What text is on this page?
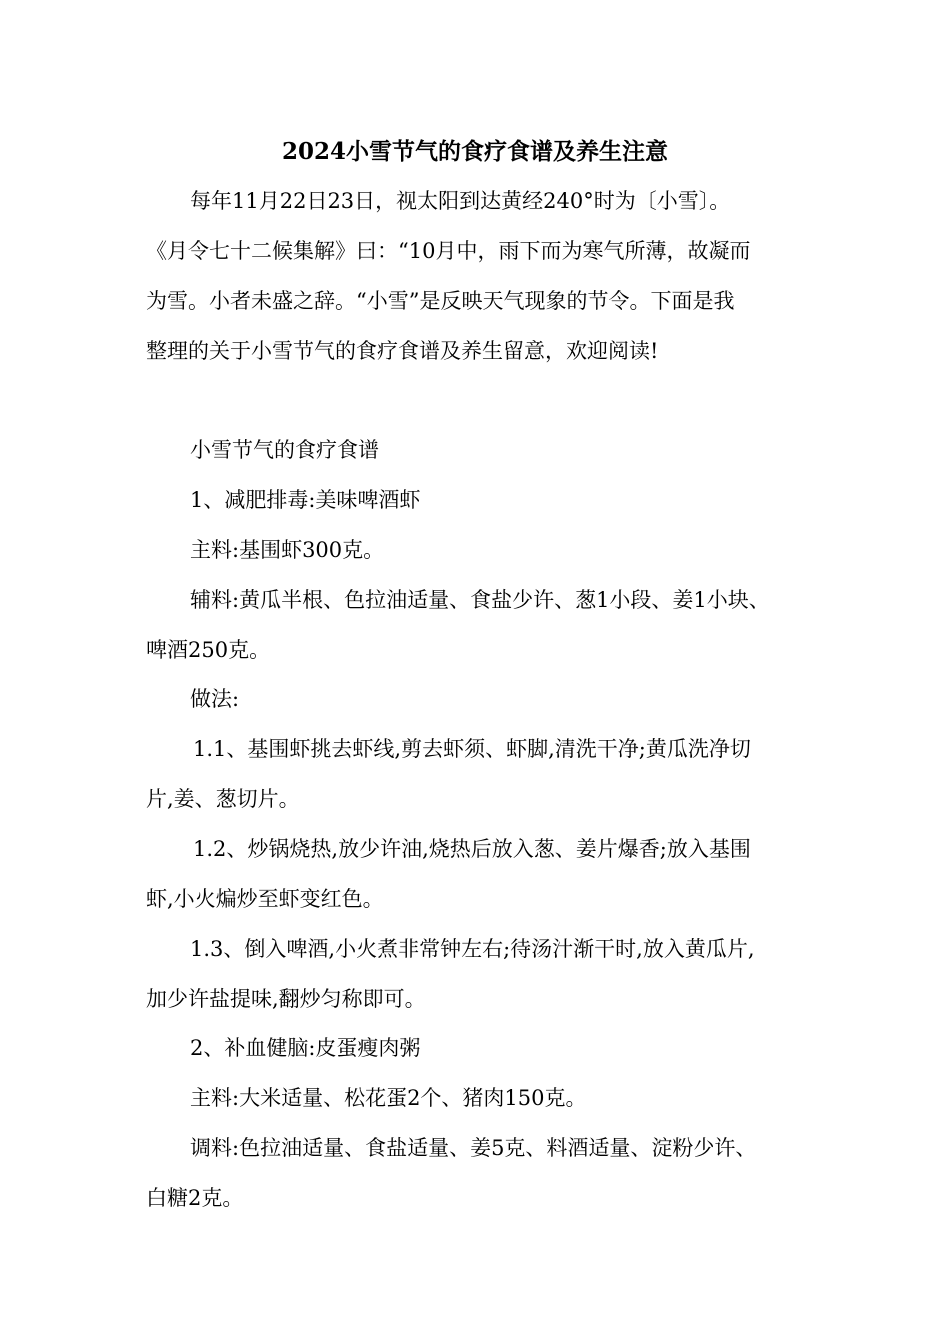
2024小雪节气的食疗食谱及养生注意
每年11月22日23日，视太阳到达黄经240°时为〔小雪〕。
《月令七十二候集解》曰：“10月中，雨下而为寒气所薄，故凝而
为雪。小者未盛之辞。“小雪”是反映天气现象的节令。下面是我
整理的关于小雪节气的食疗食谱及养生留意，欢迎阅读!
小雪节气的食疗食谱
1、减肥排毒:美味啤酒虾
主料:基围虾300克。
辅料:黄瓜半根、色拉油适量、食盐少许、葱1小段、姜1小块、
啤酒250克。
做法:
1.1、基围虾挑去虾线,剪去虾须、虾脚,清洗干净;黄瓜洗净切
片,姜、葱切片。
1.2、炒锅烧热,放少许油,烧热后放入葱、姜片爆香;放入基围
虾,小火煸炒至虾变红色。
1.3、倒入啤酒,小火煮非常钟左右;待汤汁渐干时,放入黄瓜片,
加少许盐提味,翻炒匀称即可。
2、补血健脑:皮蛋瘦肉粥
主料:大米适量、松花蛋2个、猪肉150克。
调料:色拉油适量、食盐适量、姜5克、料酒适量、淀粉少许、
白糖2克。
